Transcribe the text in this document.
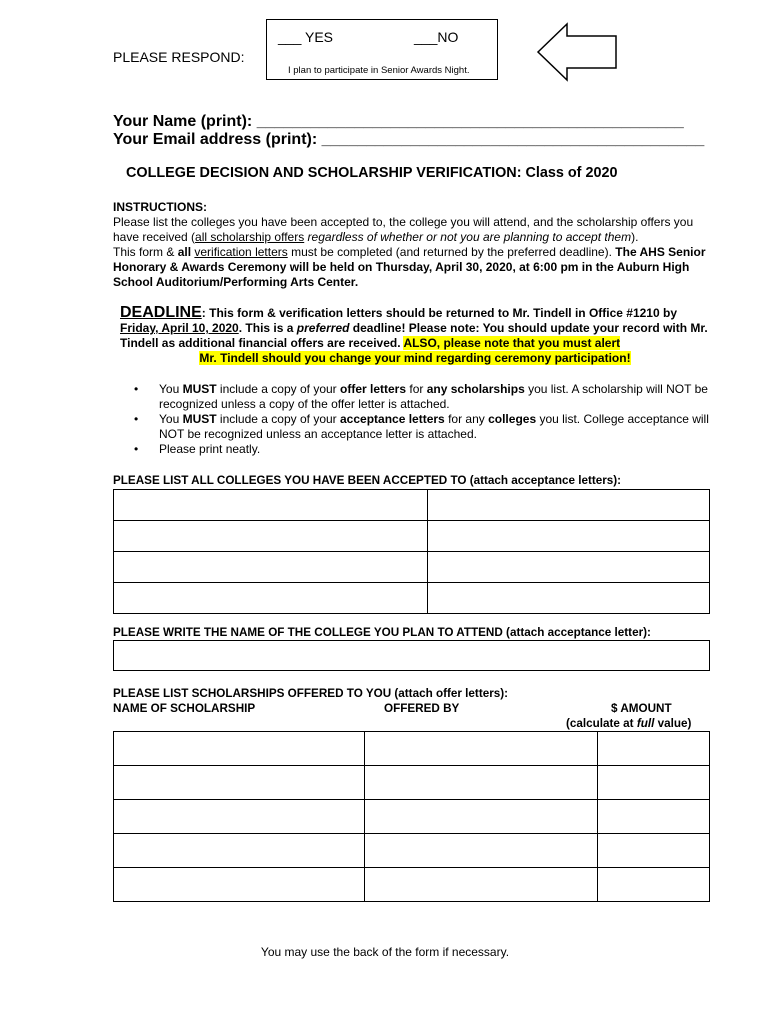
PLEASE RESPOND:
___ YES	___NO
I plan to participate in Senior Awards Night.
Your Name (print): ________________________________________________
Your Email address (print): ___________________________________________
COLLEGE DECISION AND SCHOLARSHIP VERIFICATION: Class of 2020
INSTRUCTIONS:
Please list the colleges you have been accepted to, the college you will attend, and the scholarship offers you have received (all scholarship offers regardless of whether or not you are planning to accept them).
This form & all verification letters must be completed (and returned by the preferred deadline). The AHS Senior Honorary & Awards Ceremony will be held on Thursday, April 30, 2020, at 6:00 pm in the Auburn High School Auditorium/Performing Arts Center.
DEADLINE: This form & verification letters should be returned to Mr. Tindell in Office #1210 by Friday, April 10, 2020. This is a preferred deadline! Please note: You should update your record with Mr. Tindell as additional financial offers are received. ALSO, please note that you must alert
Mr. Tindell should you change your mind regarding ceremony participation!
• You MUST include a copy of your offer letters for any scholarships you list. A scholarship will NOT be recognized unless a copy of the offer letter is attached.
• You MUST include a copy of your acceptance letters for any colleges you list. College acceptance will NOT be recognized unless an acceptance letter is attached.
• Please print neatly.
PLEASE LIST ALL COLLEGES YOU HAVE BEEN ACCEPTED TO (attach acceptance letters):

PLEASE WRITE THE NAME OF THE COLLEGE YOU PLAN TO ATTEND (attach acceptance letter):
PLEASE LIST SCHOLARSHIPS OFFERED TO YOU (attach offer letters):
NAME OF SCHOLARSHIP	OFFERED BY	$ AMOUNT
(calculate at full value)

You may use the back of the form if necessary.
